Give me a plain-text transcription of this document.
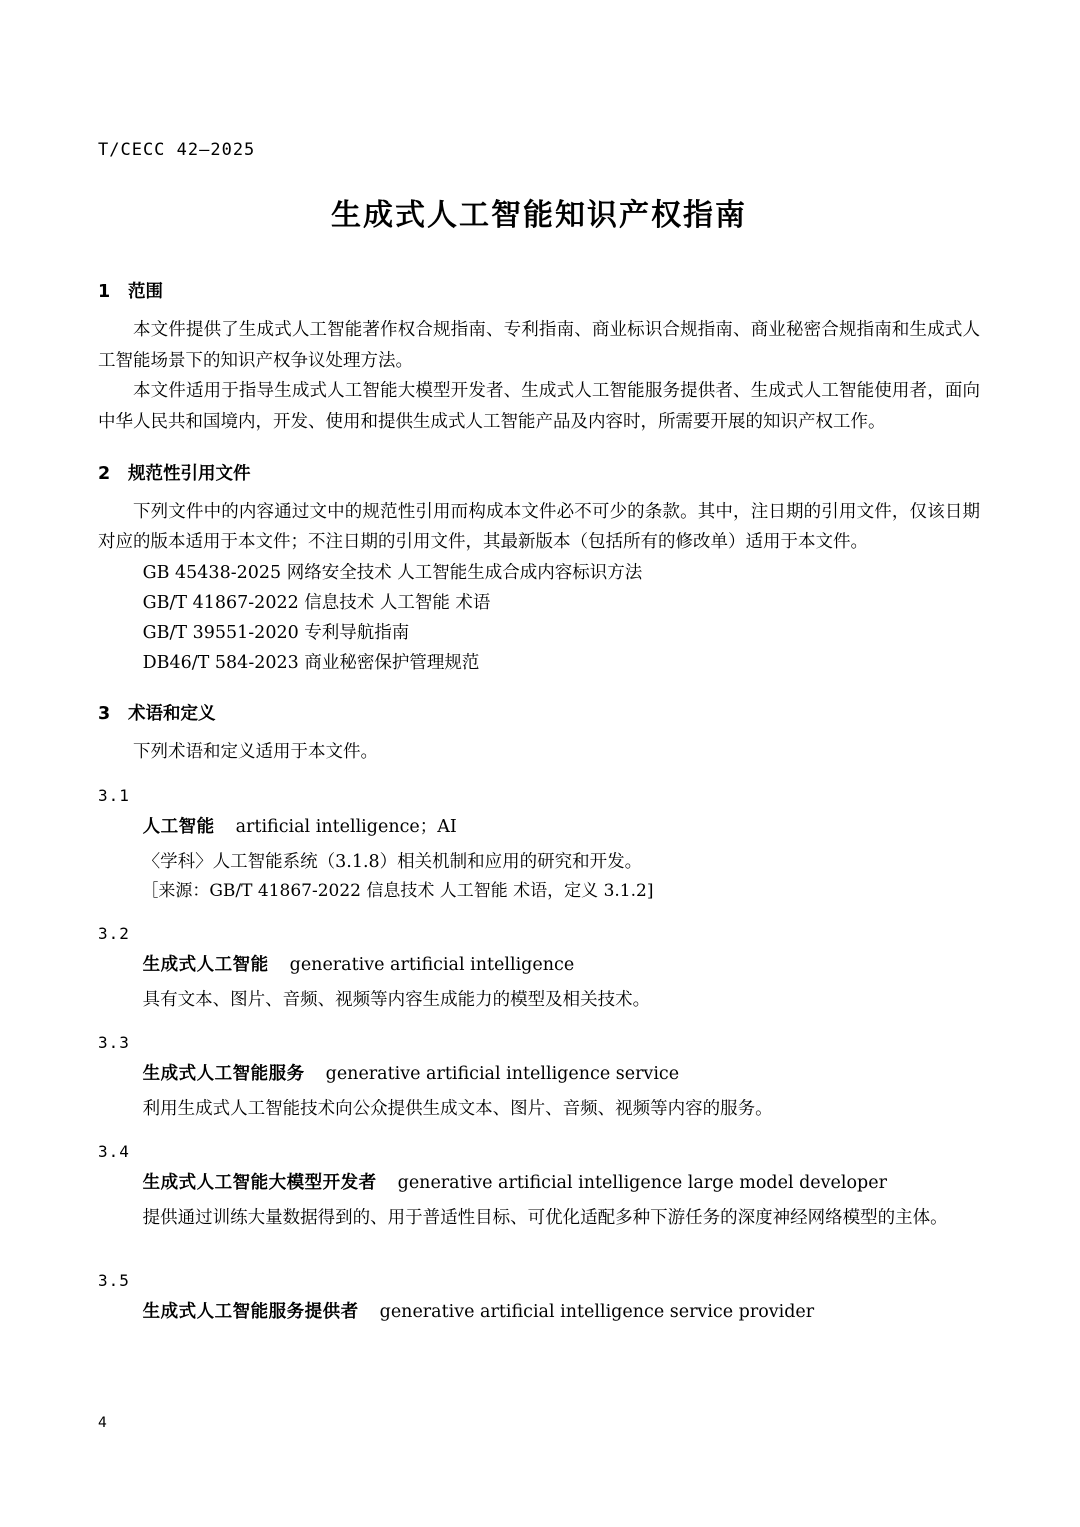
T/CECC 42—2025
生成式人工智能知识产权指南
1 范围

本文件提供了生成式人工智能著作权合规指南、专利指南、商业标识合规指南、商业秘密合规指南和生成式人工智能场景下的知识产权争议处理方法。

本文件适用于指导生成式人工智能大模型开发者、生成式人工智能服务提供者、生成式人工智能使用者，面向中华人民共和国境内，开发、使用和提供生成式人工智能产品及内容时，所需要开展的知识产权工作。

2 规范性引用文件

下列文件中的内容通过文中的规范性引用而构成本文件必不可少的条款。其中，注日期的引用文件，仅该日期对应的版本适用于本文件；不注日期的引用文件，其最新版本（包括所有的修改单）适用于本文件。

GB 45438-2025 网络安全技术 人工智能生成合成内容标识方法

GB/T 41867-2022 信息技术 人工智能 术语

GB/T 39551-2020 专利导航指南

DB46/T 584-2023 商业秘密保护管理规范

3 术语和定义

下列术语和定义适用于本文件。

3.1

人工智能 artificial intelligence；AI

〈学科〉人工智能系统（3.1.8）相关机制和应用的研究和开发。

［来源：GB/T 41867-2022 信息技术 人工智能 术语，定义 3.1.2]

3.2

生成式人工智能 generative artificial intelligence

具有文本、图片、音频、视频等内容生成能力的模型及相关技术。

3.3

生成式人工智能服务 generative artificial intelligence service

利用生成式人工智能技术向公众提供生成文本、图片、音频、视频等内容的服务。

3.4

生成式人工智能大模型开发者 generative artificial intelligence large model developer

提供通过训练大量数据得到的、用于普适性目标、可优化适配多种下游任务的深度神经网络模型的主体。

3.5

生成式人工智能服务提供者 generative artificial intelligence service provider

4
